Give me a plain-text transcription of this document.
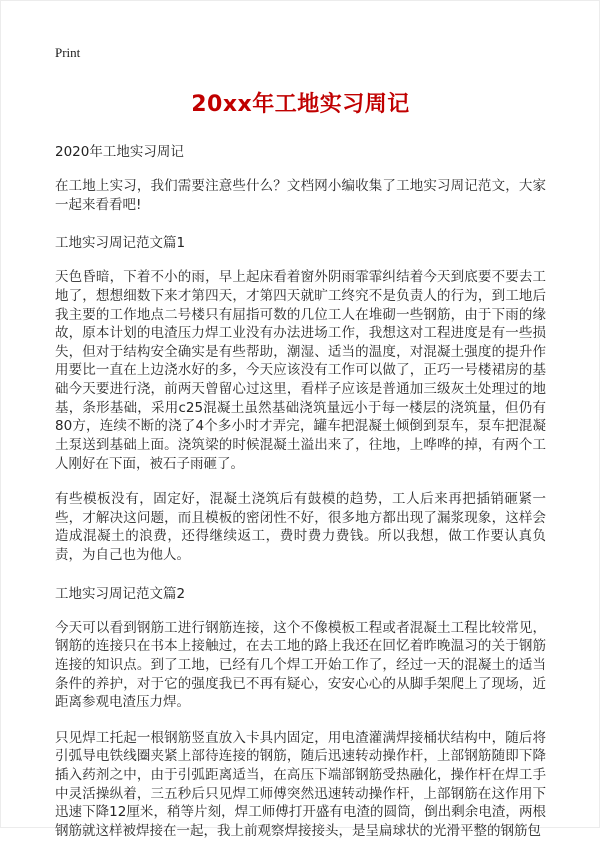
Print
20xx年工地实习周记

2020年工地实习周记

在工地上实习，我们需要注意些什么？文档网小编收集了工地实习周记范文，大家一起来看看吧!

工地实习周记范文篇1

天色昏暗，下着不小的雨，早上起床看着窗外阴雨霏霏纠结着今天到底要不要去工地了，想想细数下来才第四天，才第四天就旷工终究不是负责人的行为，到工地后我主要的工作地点二号楼只有屈指可数的几位工人在堆砌一些钢筋，由于下雨的缘故，原本计划的电渣压力焊工业没有办法进场工作，我想这对工程进度是有一些损失，但对于结构安全确实是有些帮助，潮湿、适当的温度，对混凝土强度的提升作用要比一直在上边浇水好的多，今天应该没有工作可以做了，正巧一号楼裙房的基础今天要进行浇，前两天曾留心过这里，看样子应该是普通加三级灰土处理过的地基，条形基础，采用c25混凝土虽然基础浇筑量远小于每一楼层的浇筑量，但仍有80方，连续不断的浇了4个多小时才弄完，罐车把混凝土倾倒到泵车，泵车把混凝土泵送到基础上面。浇筑梁的时候混凝土溢出来了，往地，上哗哗的掉，有两个工人刚好在下面，被石子雨砸了。

有些模板没有，固定好，混凝土浇筑后有鼓模的趋势，工人后来再把插销砸紧一些，才解决这问题，而且模板的密闭性不好，很多地方都出现了漏浆现象，这样会造成混凝土的浪费，还得继续返工，费时费力费钱。所以我想，做工作要认真负责，为自己也为他人。

工地实习周记范文篇2

今天可以看到钢筋工进行钢筋连接，这个不像模板工程或者混凝土工程比较常见，钢筋的连接只在书本上接触过，在去工地的路上我还在回忆着昨晚温习的关于钢筋连接的知识点。到了工地，已经有几个焊工开始工作了，经过一天的混凝土的适当条件的养护，对于它的强度我已不再有疑心，安安心心的从脚手架爬上了现场，近距离参观电渣压力焊。

只见焊工托起一根钢筋竖直放入卡具内固定，用电渣灌满焊接桶状结构中，随后将引弧导电铁线圈夹紧上部待连接的钢筋，随后迅速转动操作杆，上部钢筋随即下降插入药剂之中，由于引弧距离适当，在高压下端部钢筋受热融化，操作杆在焊工手中灵活操纵着，三五秒后只见焊工师傅突然迅速转动操作杆，上部钢筋在这作用下迅速下降12厘米，稍等片刻，焊工师傅打开盛有电渣的圆筒，倒出剩余电渣，两根钢筋就这样被焊接在一起，我上前观察焊接接头，是呈扁球状的光滑平整的钢筋包
